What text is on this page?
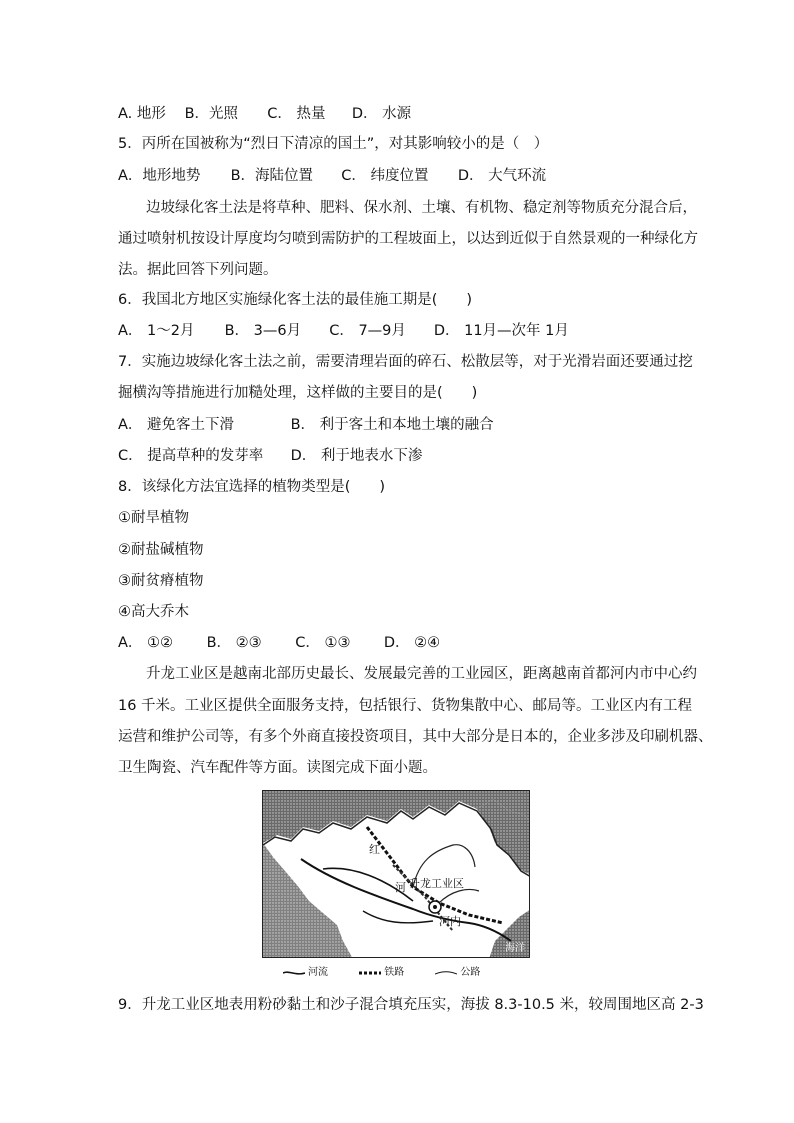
A. 地形 B．光照 C． 热量 D． 水源
5．丙所在国被称为“烈日下清凉的国土”，对其影响较小的是（　）
A．地形地势 B．海陆位置 C． 纬度位置 D． 大气环流
边坡绿化客土法是将草种、肥料、保水剂、土壤、有机物、稳定剂等物质充分混合后，
通过喷射机按设计厚度均匀喷到需防护的工程坡面上，以达到近似于自然景观的一种绿化方
法。据此回答下列问题。
6．我国北方地区实施绿化客土法的最佳施工期是(　　)
A． 1～2月 B． 3—6月 C． 7—9月 D． 11月—次年 1月
7．实施边坡绿化客土法之前，需要清理岩面的碎石、松散层等，对于光滑岩面还要通过挖
掘横沟等措施进行加糙处理，这样做的主要目的是(　　)
A． 避免客土下滑	B． 利于客土和本地土壤的融合
C． 提高草种的发芽率 D． 利于地表水下渗
8．该绿化方法宜选择的植物类型是(　　)
①耐旱植物
②耐盐碱植物
③耐贫瘠植物
④高大乔木
A． ①② B． ②③ C． ①③ D． ②④
升龙工业区是越南北部历史最长、发展最完善的工业园区，距离越南首都河内市中心约
16 千米。工业区提供全面服务支持，包括银行、货物集散中心、邮局等。工业区内有工程
运营和维护公司等，有多个外商直接投资项目，其中大部分是日本的，企业多涉及印刷机器、
卫生陶瓷、汽车配件等方面。读图完成下面小题。
红
河 升龙工业区
河内
海洋
河流
	铁路
	公路
9．升龙工业区地表用粉砂黏土和沙子混合填充压实，海拔 8.3-10.5 米，较周围地区高 2-3
